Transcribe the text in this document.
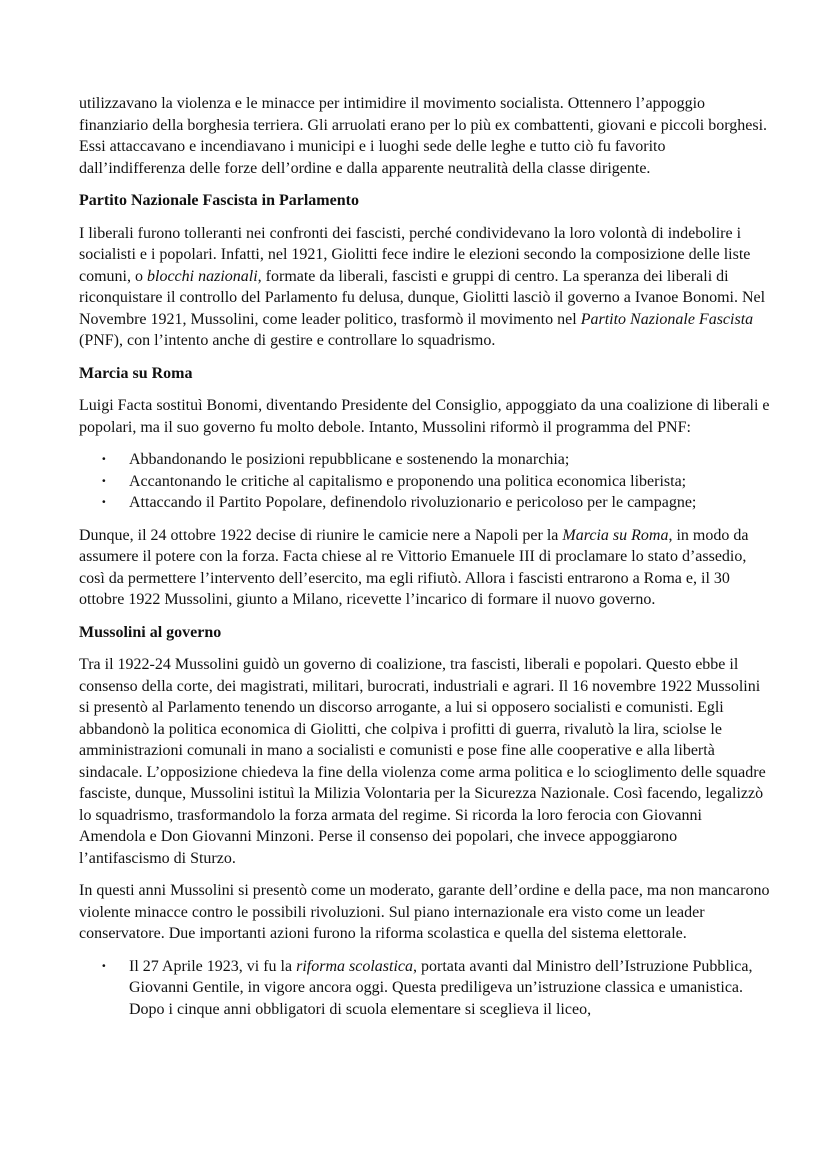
utilizzavano la violenza e le minacce per intimidire il movimento socialista. Ottennero l’appoggio finanziario della borghesia terriera. Gli arruolati erano per lo più ex combattenti, giovani e piccoli borghesi. Essi attaccavano e incendiavano i municipi e i luoghi sede delle leghe e tutto ciò fu favorito dall’indifferenza delle forze dell’ordine e dalla apparente neutralità della classe dirigente.

Partito Nazionale Fascista in Parlamento

I liberali furono tolleranti nei confronti dei fascisti, perché condividevano la loro volontà di indebolire i socialisti e i popolari. Infatti, nel 1921, Giolitti fece indire le elezioni secondo la composizione delle liste comuni, o blocchi nazionali, formate da liberali, fascisti e gruppi di centro. La speranza dei liberali di riconquistare il controllo del Parlamento fu delusa, dunque, Giolitti lasciò il governo a Ivanoe Bonomi. Nel Novembre 1921, Mussolini, come leader politico, trasformò il movimento nel Partito Nazionale Fascista (PNF), con l’intento anche di gestire e controllare lo squadrismo.

Marcia su Roma

Luigi Facta sostituì Bonomi, diventando Presidente del Consiglio, appoggiato da una coalizione di liberali e popolari, ma il suo governo fu molto debole. Intanto, Mussolini riformò il programma del PNF:

· Abbandonando le posizioni repubblicane e sostenendo la monarchia;
· Accantonando le critiche al capitalismo e proponendo una politica economica liberista;
· Attaccando il Partito Popolare, definendolo rivoluzionario e pericoloso per le campagne;

Dunque, il 24 ottobre 1922 decise di riunire le camicie nere a Napoli per la Marcia su Roma, in modo da assumere il potere con la forza. Facta chiese al re Vittorio Emanuele III di proclamare lo stato d’assedio, così da permettere l’intervento dell’esercito, ma egli rifiutò. Allora i fascisti entrarono a Roma e, il 30 ottobre 1922 Mussolini, giunto a Milano, ricevette l’incarico di formare il nuovo governo.

Mussolini al governo

Tra il 1922-24 Mussolini guidò un governo di coalizione, tra fascisti, liberali e popolari. Questo ebbe il consenso della corte, dei magistrati, militari, burocrati, industriali e agrari. Il 16 novembre 1922 Mussolini si presentò al Parlamento tenendo un discorso arrogante, a lui si opposero socialisti e comunisti. Egli abbandonò la politica economica di Giolitti, che colpiva i profitti di guerra, rivalutò la lira, sciolse le amministrazioni comunali in mano a socialisti e comunisti e pose fine alle cooperative e alla libertà sindacale. L’opposizione chiedeva la fine della violenza come arma politica e lo scioglimento delle squadre fasciste, dunque, Mussolini istituì la Milizia Volontaria per la Sicurezza Nazionale. Così facendo, legalizzò lo squadrismo, trasformandolo la forza armata del regime. Si ricorda la loro ferocia con Giovanni Amendola e Don Giovanni Minzoni. Perse il consenso dei popolari, che invece appoggiarono l’antifascismo di Sturzo.

In questi anni Mussolini si presentò come un moderato, garante dell’ordine e della pace, ma non mancarono violente minacce contro le possibili rivoluzioni. Sul piano internazionale era visto come un leader conservatore. Due importanti azioni furono la riforma scolastica e quella del sistema elettorale.

· Il 27 Aprile 1923, vi fu la riforma scolastica, portata avanti dal Ministro dell’Istruzione Pubblica, Giovanni Gentile, in vigore ancora oggi. Questa prediligeva un’istruzione classica e umanistica. Dopo i cinque anni obbligatori di scuola elementare si sceglieva il liceo,
